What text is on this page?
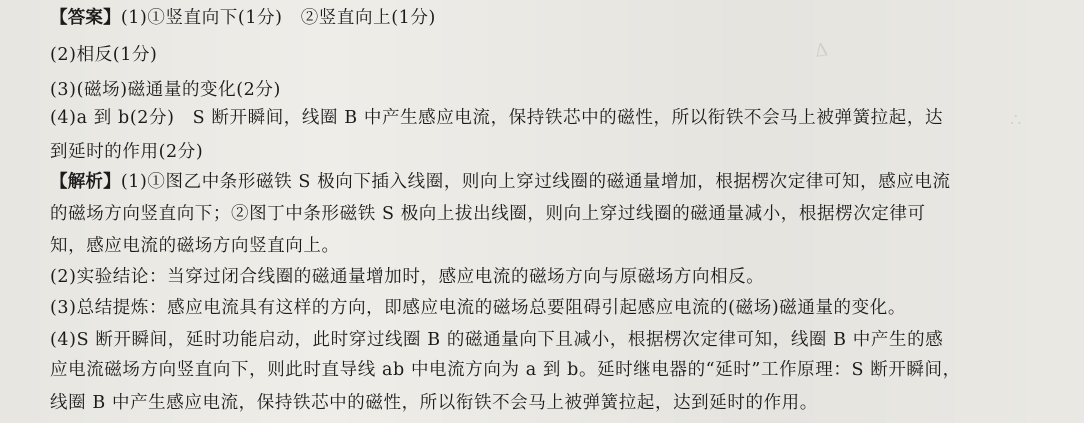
Δ
∴
【答案】(1)①竖直向下(1分)　②竖直向上(1分)
(2)相反(1分)
(3)(磁场)磁通量的变化(2分)
(4)a 到 b(2分)　S 断开瞬间，线圈 B 中产生感应电流，保持铁芯中的磁性，所以衔铁不会马上被弹簧拉起，达
到延时的作用(2分)
【解析】(1)①图乙中条形磁铁 S 极向下插入线圈，则向上穿过线圈的磁通量增加，根据楞次定律可知，感应电流
的磁场方向竖直向下；②图丁中条形磁铁 S 极向上拔出线圈，则向上穿过线圈的磁通量减小，根据楞次定律可
知，感应电流的磁场方向竖直向上。
(2)实验结论：当穿过闭合线圈的磁通量增加时，感应电流的磁场方向与原磁场方向相反。
(3)总结提炼：感应电流具有这样的方向，即感应电流的磁场总要阻碍引起感应电流的(磁场)磁通量的变化。
(4)S 断开瞬间，延时功能启动，此时穿过线圈 B 的磁通量向下且减小，根据楞次定律可知，线圈 B 中产生的感
应电流磁场方向竖直向下，则此时直导线 ab 中电流方向为 a 到 b。延时继电器的“延时”工作原理：S 断开瞬间，
线圈 B 中产生感应电流，保持铁芯中的磁性，所以衔铁不会马上被弹簧拉起，达到延时的作用。
